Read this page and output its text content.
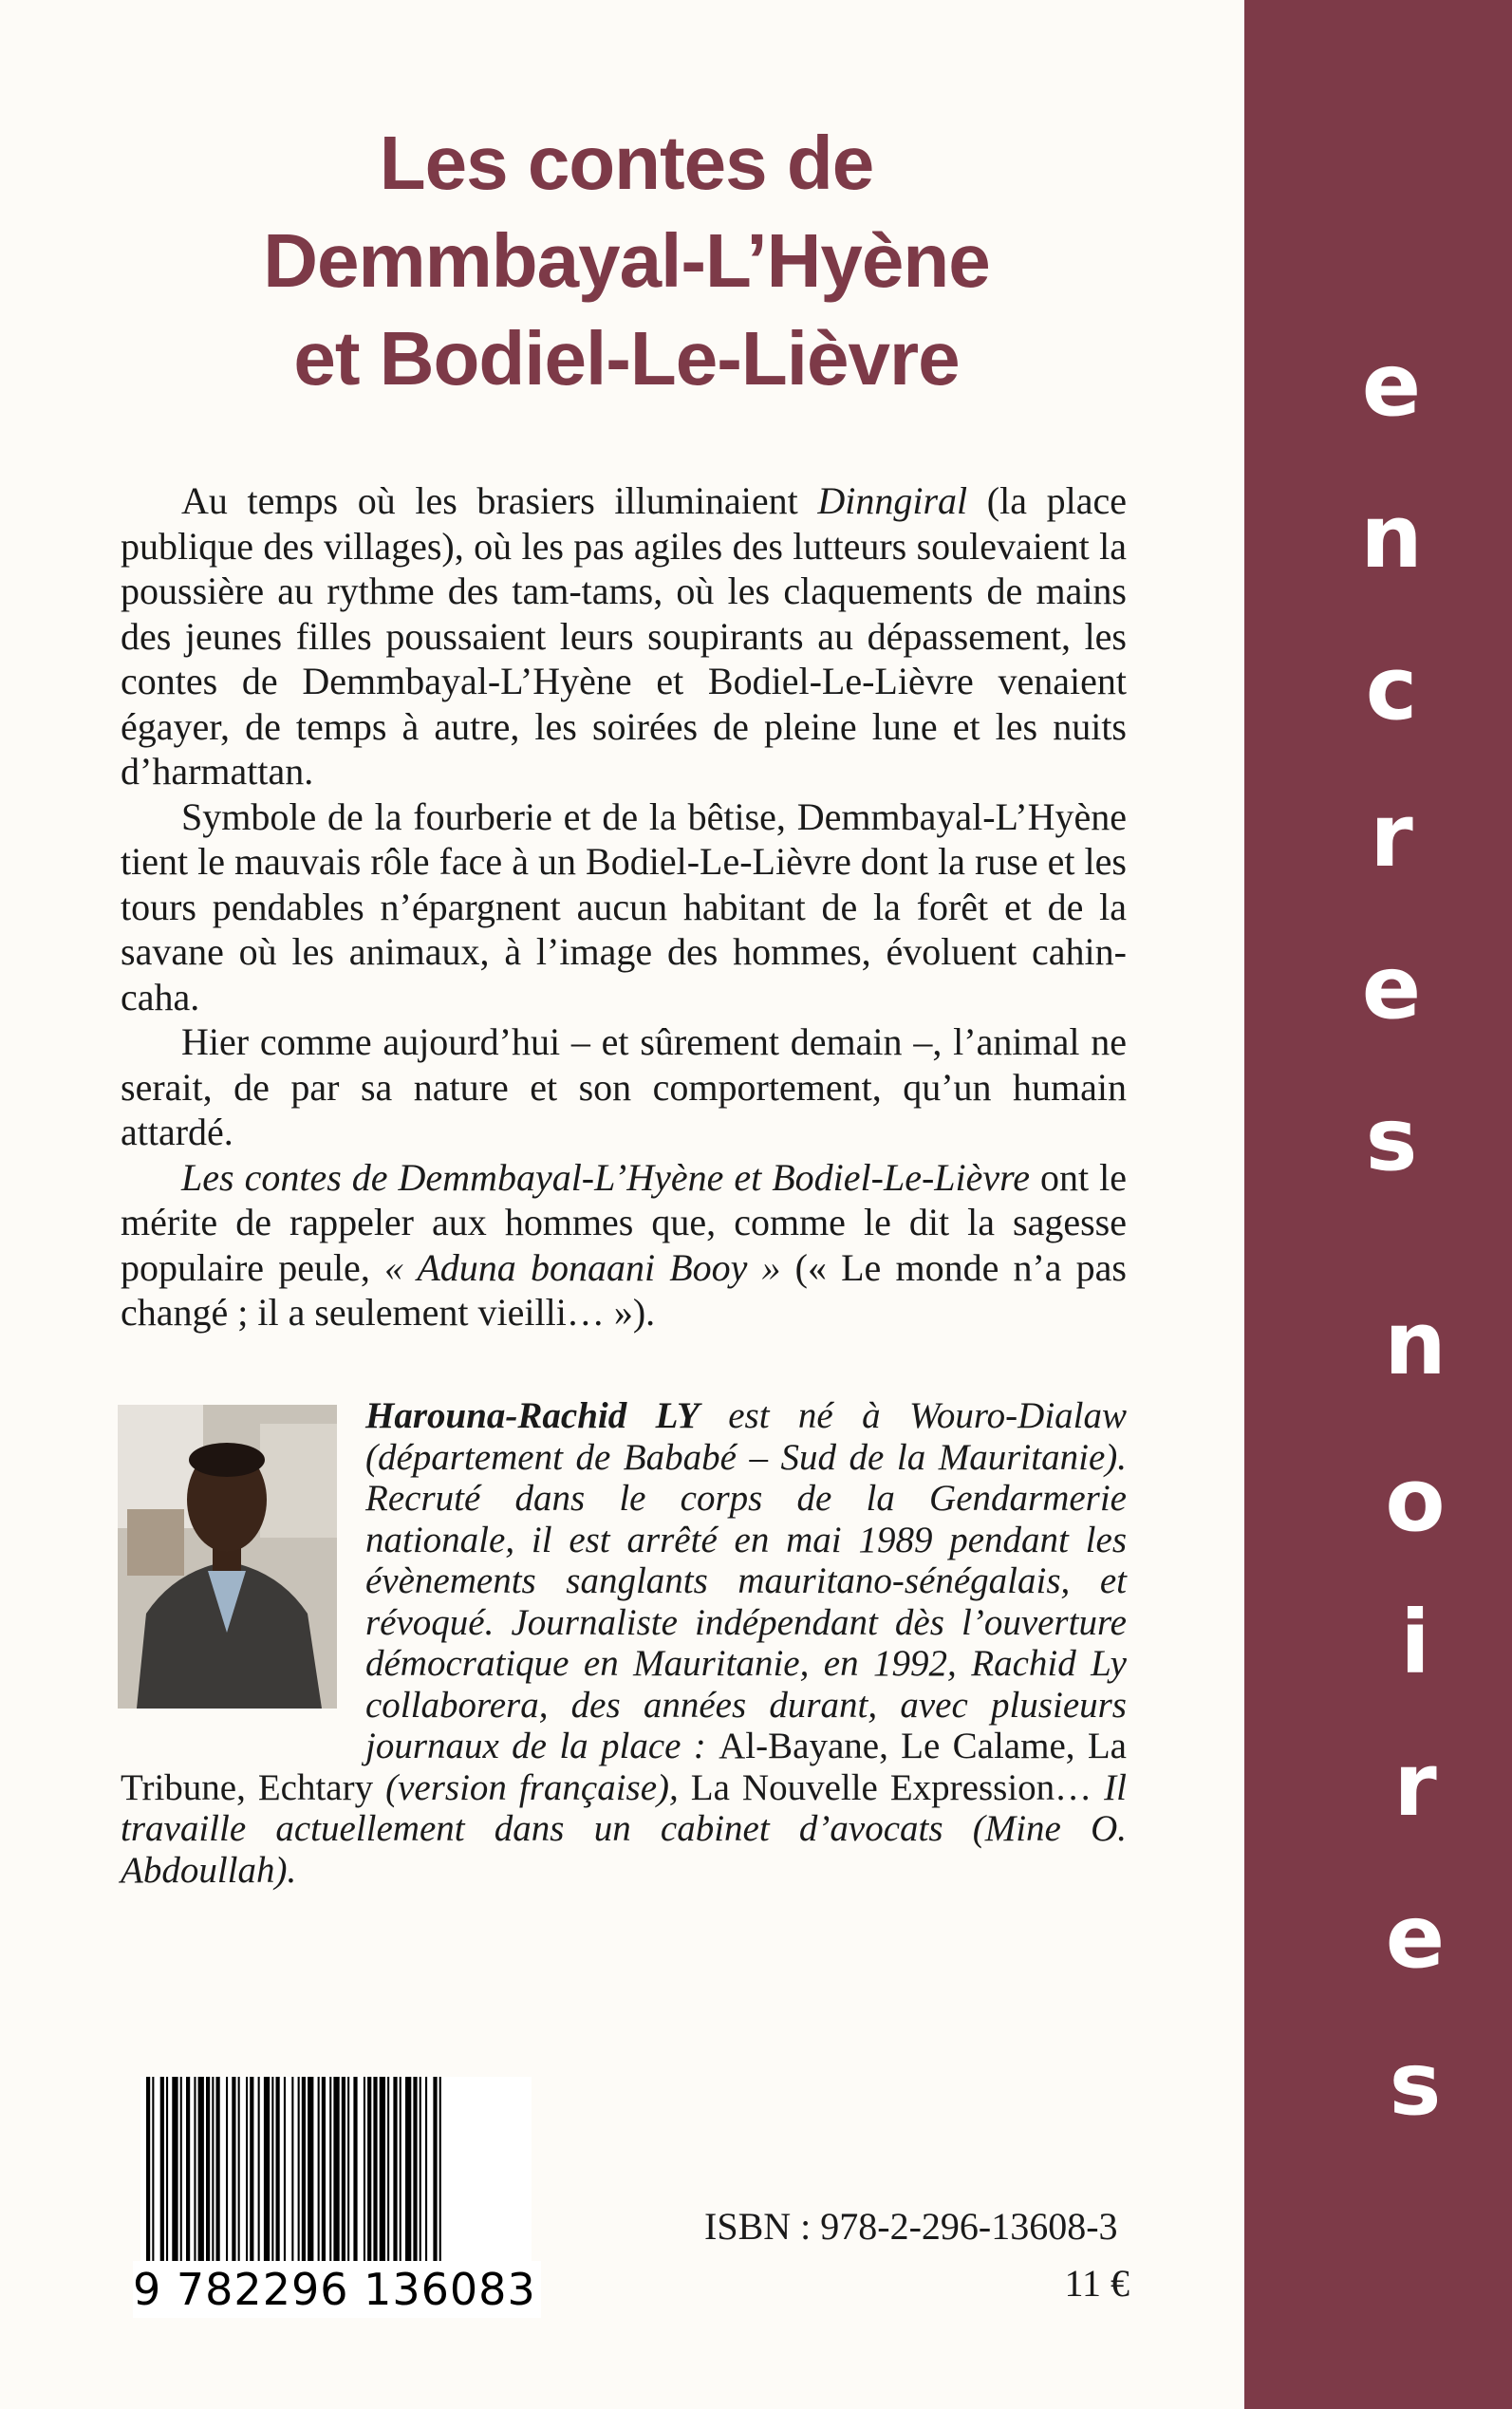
Les contes de
Demmbayal-L’Hyène
et Bodiel-Le-Lièvre

Au temps où les brasiers illuminaient Dinngiral (la place publique des villages), où les pas agiles des lutteurs soulevaient la poussière au rythme des tam-tams, où les claquements de mains des jeunes filles poussaient leurs soupirants au dépassement, les contes de Demmbayal-L’Hyène et Bodiel-Le-Lièvre venaient égayer, de temps à autre, les soirées de pleine lune et les nuits d’harmattan.

Symbole de la fourberie et de la bêtise, Demmbayal-L’Hyène tient le mauvais rôle face à un Bodiel-Le-Lièvre dont la ruse et les tours pendables n’épargnent aucun habitant de la forêt et de la savane où les animaux, à l’image des hommes, évoluent cahin-caha.

Hier comme aujourd’hui – et sûrement demain –, l’animal ne serait, de par sa nature et son comportement, qu’un humain attardé.

Les contes de Demmbayal-L’Hyène et Bodiel-Le-Lièvre ont le mérite de rappeler aux hommes que, comme le dit la sagesse populaire peule, « Aduna bonaani Booy » (« Le monde n’a pas changé ; il a seulement vieilli… »).

Harouna-Rachid LY est né à Wouro-Dialaw (département de Bababé – Sud de la Mauritanie). Recruté dans le corps de la Gendarmerie nationale, il est arrêté en mai 1989 pendant les évènements sanglants mauritano-sénégalais, et révoqué. Journaliste indépendant dès l’ouverture démocratique en Mauritanie, en 1992, Rachid Ly collaborera, des années durant, avec plusieurs journaux de la place : Al-Bayane, Le Calame, La Tribune, Echtary (version française), La Nouvelle Expression… Il travaille actuellement dans un cabinet d’avocats (Mine O. Abdoullah).
9 782296 136083
ISBN : 978-2-296-13608-3
11 €
e
n
c
r
e
s
n
o
i
r
e
s
